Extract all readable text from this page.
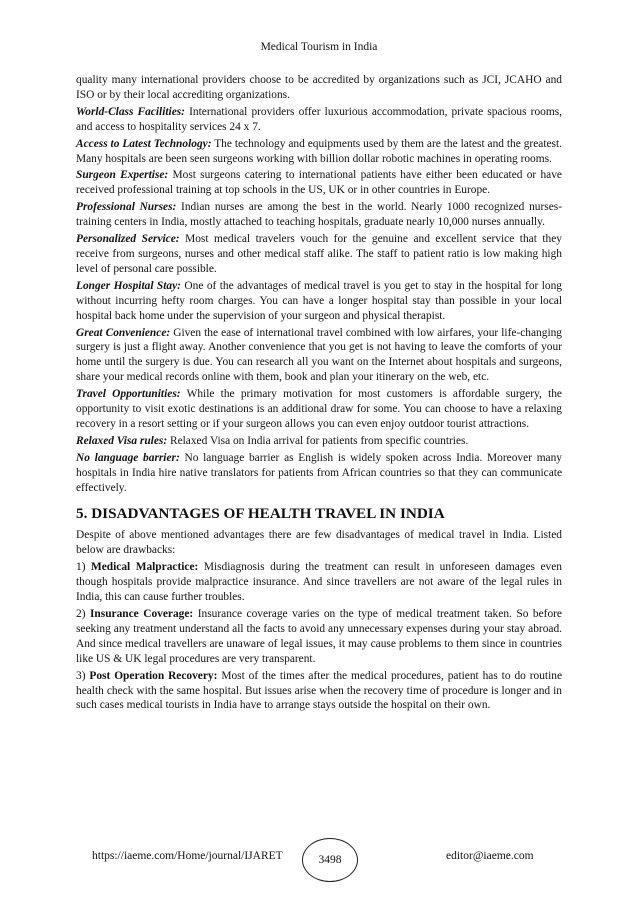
Medical Tourism in India

quality many international providers choose to be accredited by organizations such as JCI, JCAHO and ISO or by their local accrediting organizations.

World-Class Facilities: International providers offer luxurious accommodation, private spacious rooms, and access to hospitality services 24 x 7.

Access to Latest Technology: The technology and equipments used by them are the latest and the greatest. Many hospitals are been seen surgeons working with billion dollar robotic machines in operating rooms.

Surgeon Expertise: Most surgeons catering to international patients have either been educated or have received professional training at top schools in the US, UK or in other countries in Europe.

Professional Nurses: Indian nurses are among the best in the world. Nearly 1000 recognized nurses-training centers in India, mostly attached to teaching hospitals, graduate nearly 10,000 nurses annually.

Personalized Service: Most medical travelers vouch for the genuine and excellent service that they receive from surgeons, nurses and other medical staff alike. The staff to patient ratio is low making high level of personal care possible.

Longer Hospital Stay: One of the advantages of medical travel is you get to stay in the hospital for long without incurring hefty room charges. You can have a longer hospital stay than possible in your local hospital back home under the supervision of your surgeon and physical therapist.

Great Convenience: Given the ease of international travel combined with low airfares, your life-changing surgery is just a flight away. Another convenience that you get is not having to leave the comforts of your home until the surgery is due. You can research all you want on the Internet about hospitals and surgeons, share your medical records online with them, book and plan your itinerary on the web, etc.

Travel Opportunities: While the primary motivation for most customers is affordable surgery, the opportunity to visit exotic destinations is an additional draw for some. You can choose to have a relaxing recovery in a resort setting or if your surgeon allows you can even enjoy outdoor tourist attractions.

Relaxed Visa rules: Relaxed Visa on India arrival for patients from specific countries.

No language barrier: No language barrier as English is widely spoken across India. Moreover many hospitals in India hire native translators for patients from African countries so that they can communicate effectively.

5. DISADVANTAGES OF HEALTH TRAVEL IN INDIA

Despite of above mentioned advantages there are few disadvantages of medical travel in India. Listed below are drawbacks:

1) Medical Malpractice: Misdiagnosis during the treatment can result in unforeseen damages even though hospitals provide malpractice insurance. And since travellers are not aware of the legal rules in India, this can cause further troubles.

2) Insurance Coverage: Insurance coverage varies on the type of medical treatment taken. So before seeking any treatment understand all the facts to avoid any unnecessary expenses during your stay abroad. And since medical travellers are unaware of legal issues, it may cause problems to them since in countries like US & UK legal procedures are very transparent.

3) Post Operation Recovery: Most of the times after the medical procedures, patient has to do routine health check with the same hospital. But issues arise when the recovery time of procedure is longer and in such cases medical tourists in India have to arrange stays outside the hospital on their own.

https://iaeme.com/Home/journal/IJARET	3498	editor@iaeme.com
